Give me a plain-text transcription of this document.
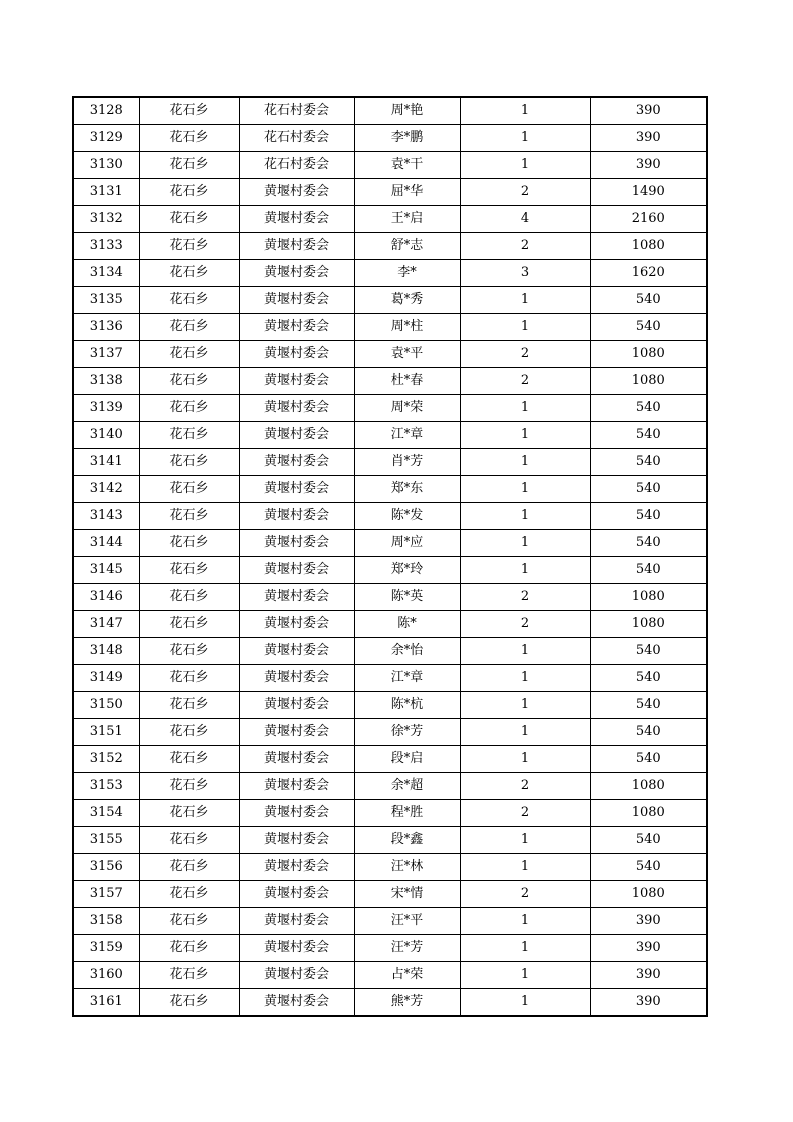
3128	花石乡	花石村委会	周*艳	1	390
3129	花石乡	花石村委会	李*鹏	1	390
3130	花石乡	花石村委会	袁*干	1	390
3131	花石乡	黄堰村委会	屈*华	2	1490
3132	花石乡	黄堰村委会	王*启	4	2160
3133	花石乡	黄堰村委会	舒*志	2	1080
3134	花石乡	黄堰村委会	李*	3	1620
3135	花石乡	黄堰村委会	葛*秀	1	540
3136	花石乡	黄堰村委会	周*柱	1	540
3137	花石乡	黄堰村委会	袁*平	2	1080
3138	花石乡	黄堰村委会	杜*春	2	1080
3139	花石乡	黄堰村委会	周*荣	1	540
3140	花石乡	黄堰村委会	江*章	1	540
3141	花石乡	黄堰村委会	肖*芳	1	540
3142	花石乡	黄堰村委会	郑*东	1	540
3143	花石乡	黄堰村委会	陈*发	1	540
3144	花石乡	黄堰村委会	周*应	1	540
3145	花石乡	黄堰村委会	郑*玲	1	540
3146	花石乡	黄堰村委会	陈*英	2	1080
3147	花石乡	黄堰村委会	陈*	2	1080
3148	花石乡	黄堰村委会	余*怡	1	540
3149	花石乡	黄堰村委会	江*章	1	540
3150	花石乡	黄堰村委会	陈*杭	1	540
3151	花石乡	黄堰村委会	徐*芳	1	540
3152	花石乡	黄堰村委会	段*启	1	540
3153	花石乡	黄堰村委会	余*超	2	1080
3154	花石乡	黄堰村委会	程*胜	2	1080
3155	花石乡	黄堰村委会	段*鑫	1	540
3156	花石乡	黄堰村委会	汪*林	1	540
3157	花石乡	黄堰村委会	宋*情	2	1080
3158	花石乡	黄堰村委会	汪*平	1	390
3159	花石乡	黄堰村委会	汪*芳	1	390
3160	花石乡	黄堰村委会	占*荣	1	390
3161	花石乡	黄堰村委会	熊*芳	1	390
